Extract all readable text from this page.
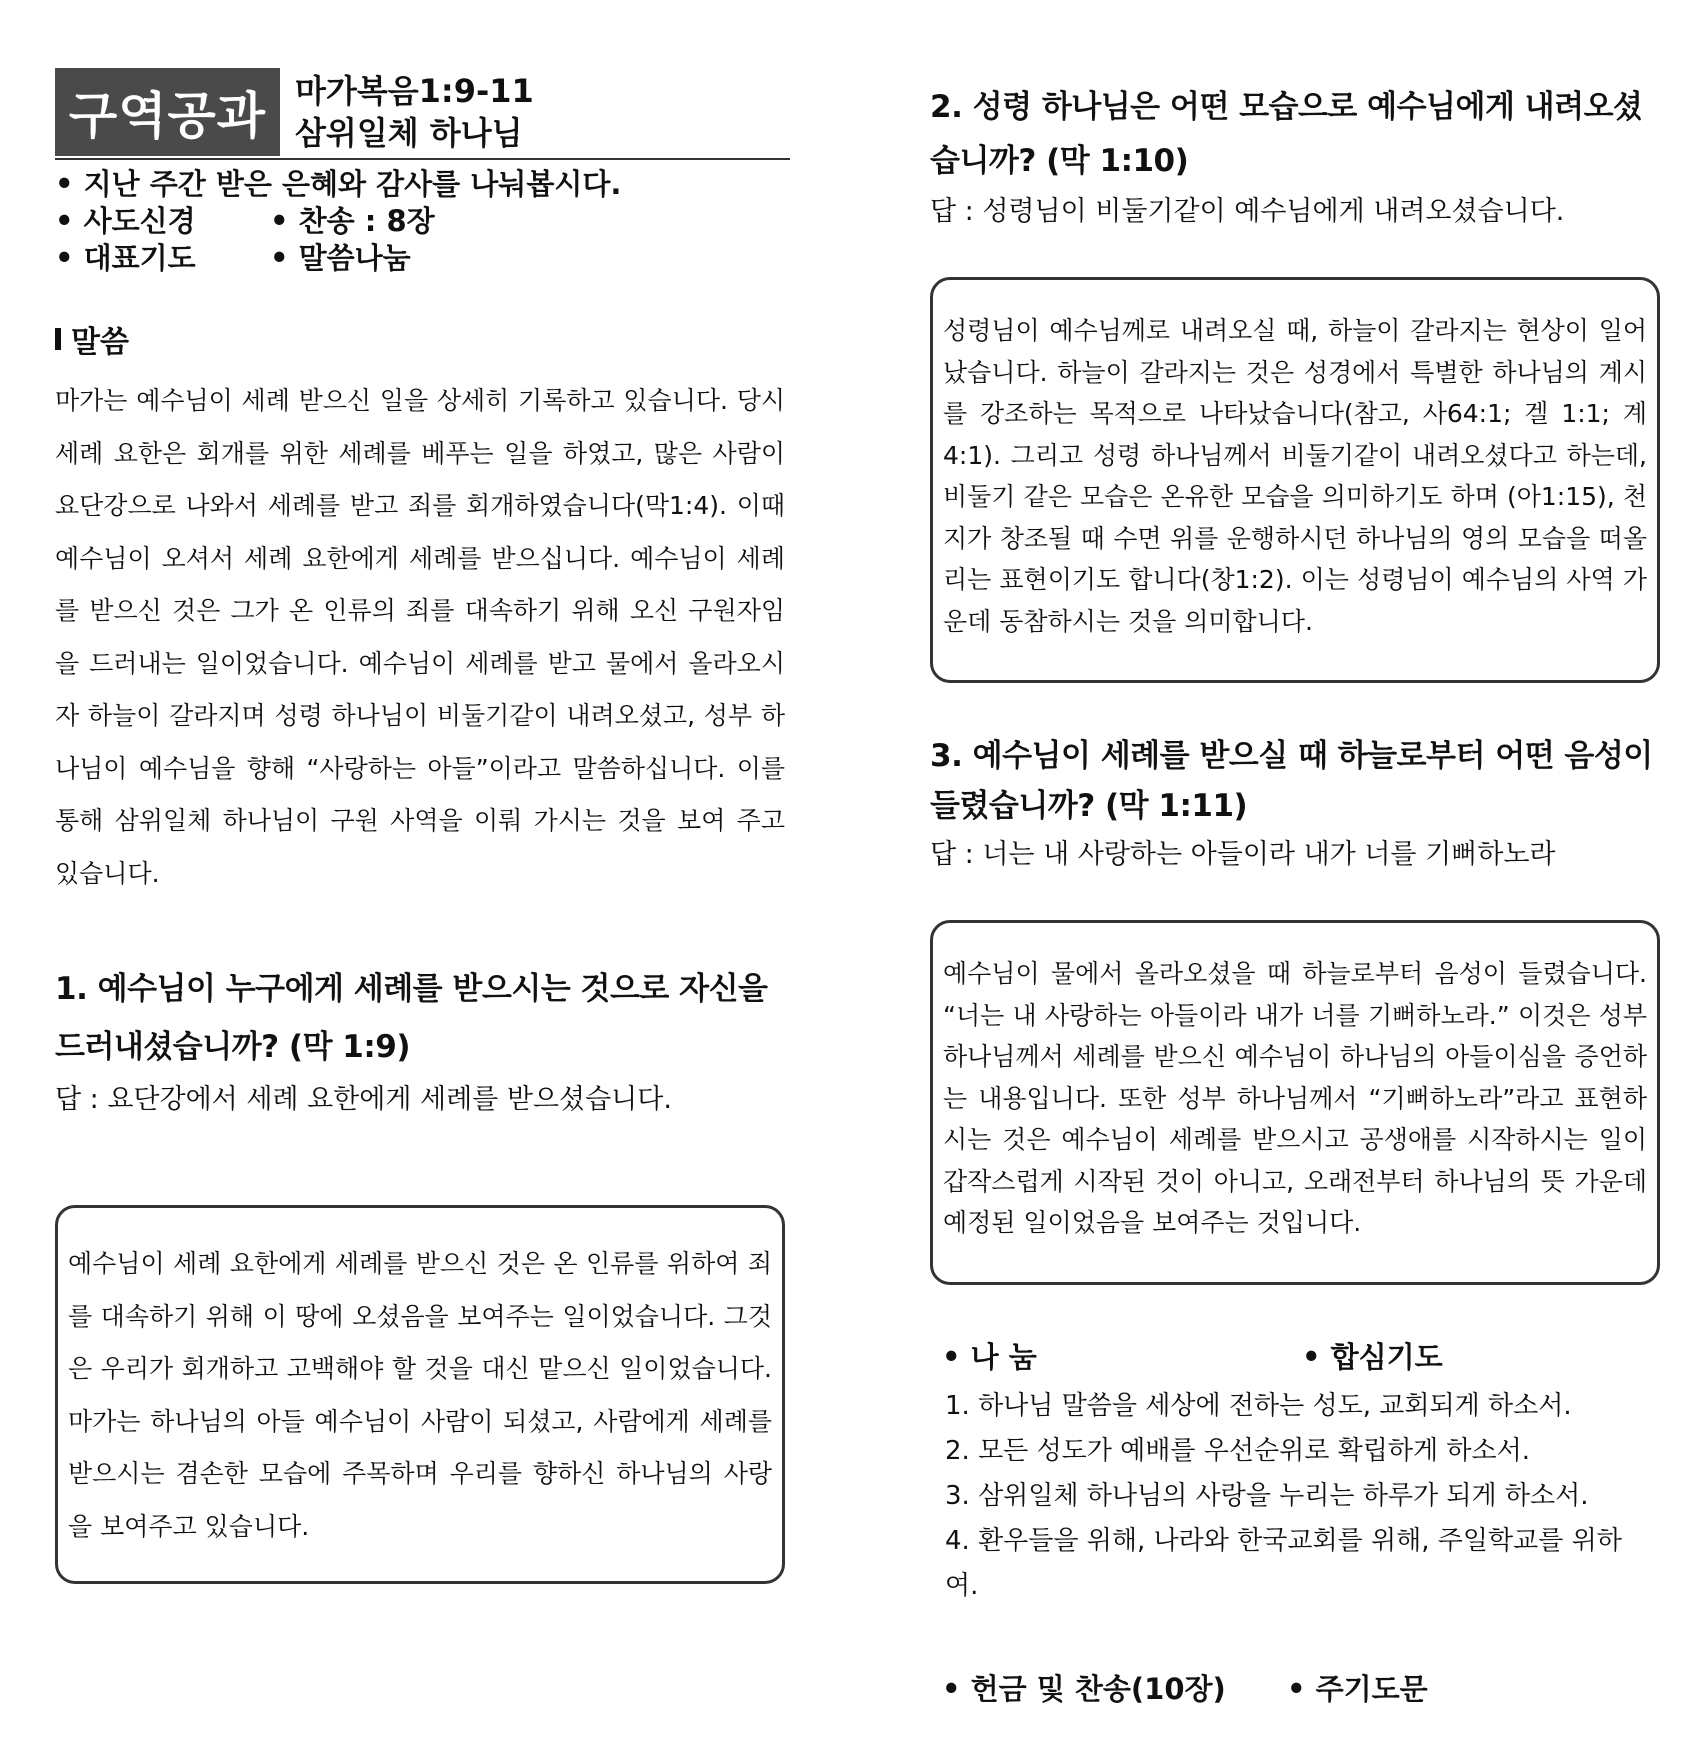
구역공과 마가복음1:9-11
삼위일체 하나님
• 지난 주간 받은 은혜와 감사를 나눠봅시다.
• 사도신경	• 찬송 : 8장
• 대표기도	• 말씀나눔
말씀
마가는 예수님이 세례 받으신 일을 상세히 기록하고 있습니다. 당시 세례 요한은 회개를 위한 세례를 베푸는 일을 하였고, 많은 사람이 요단강으로 나와서 세례를 받고 죄를 회개하였습니다(막1:4). 이때 예수님이 오셔서 세례 요한에게 세례를 받으십니다. 예수님이 세례를 받으신 것은 그가 온 인류의 죄를 대속하기 위해 오신 구원자임을 드러내는 일이었습니다. 예수님이 세례를 받고 물에서 올라오시자 하늘이 갈라지며 성령 하나님이 비둘기같이 내려오셨고, 성부 하나님이 예수님을 향해 “사랑하는 아들”이라고 말씀하십니다. 이를 통해 삼위일체 하나님이 구원 사역을 이뤄 가시는 것을 보여 주고 있습니다.
1. 예수님이 누구에게 세례를 받으시는 것으로 자신을 드러내셨습니까? (막 1:9)
답 : 요단강에서 세례 요한에게 세례를 받으셨습니다.
예수님이 세례 요한에게 세례를 받으신 것은 온 인류를 위하여 죄를 대속하기 위해 이 땅에 오셨음을 보여주는 일이었습니다. 그것은 우리가 회개하고 고백해야 할 것을 대신 맡으신 일이었습니다. 마가는 하나님의 아들 예수님이 사람이 되셨고, 사람에게 세례를 받으시는 겸손한 모습에 주목하며 우리를 향하신 하나님의 사랑을 보여주고 있습니다.
2. 성령 하나님은 어떤 모습으로 예수님에게 내려오셨습니까? (막 1:10)
답 : 성령님이 비둘기같이 예수님에게 내려오셨습니다.
성령님이 예수님께로 내려오실 때, 하늘이 갈라지는 현상이 일어났습니다. 하늘이 갈라지는 것은 성경에서 특별한 하나님의 계시를 강조하는 목적으로 나타났습니다(참고, 사64:1; 겔 1:1; 계4:1). 그리고 성령 하나님께서 비둘기같이 내려오셨다고 하는데, 비둘기 같은 모습은 온유한 모습을 의미하기도 하며 (아1:15), 천지가 창조될 때 수면 위를 운행하시던 하나님의 영의 모습을 떠올리는 표현이기도 합니다(창1:2). 이는 성령님이 예수님의 사역 가운데 동참하시는 것을 의미합니다.
3. 예수님이 세례를 받으실 때 하늘로부터 어떤 음성이 들렸습니까? (막 1:11)
답 : 너는 내 사랑하는 아들이라 내가 너를 기뻐하노라
예수님이 물에서 올라오셨을 때 하늘로부터 음성이 들렸습니다. “너는 내 사랑하는 아들이라 내가 너를 기뻐하노라.” 이것은 성부 하나님께서 세례를 받으신 예수님이 하나님의 아들이심을 증언하는 내용입니다. 또한 성부 하나님께서 “기뻐하노라”라고 표현하시는 것은 예수님이 세례를 받으시고 공생애를 시작하시는 일이 갑작스럽게 시작된 것이 아니고, 오래전부터 하나님의 뜻 가운데 예정된 일이었음을 보여주는 것입니다.
• 나 눔	• 합심기도
1. 하나님 말씀을 세상에 전하는 성도, 교회되게 하소서.
2. 모든 성도가 예배를 우선순위로 확립하게 하소서.
3. 삼위일체 하나님의 사랑을 누리는 하루가 되게 하소서.
4. 환우들을 위해, 나라와 한국교회를 위해, 주일학교를 위하여.
• 헌금 및 찬송(10장)	• 주기도문
